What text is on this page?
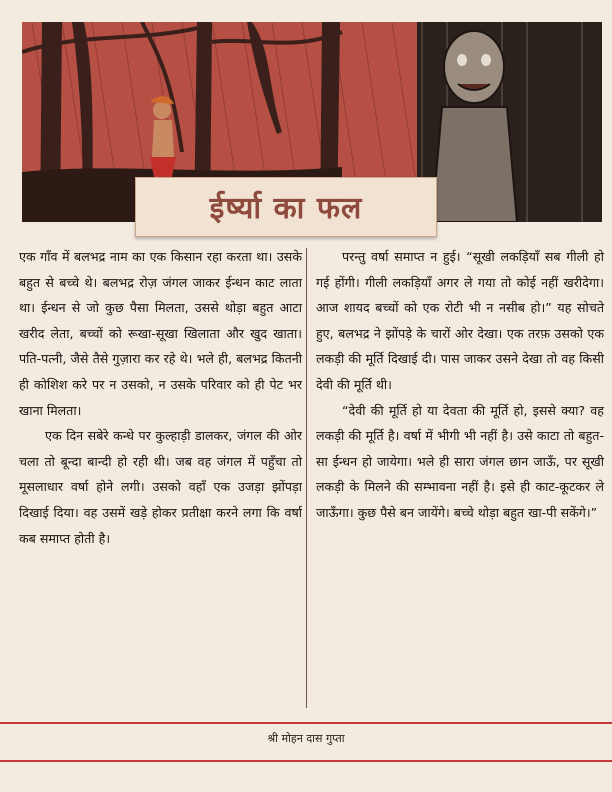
ईर्ष्या का फल

एक गाँव में बलभद्र नाम का एक किसान रहा करता था। उसके बहुत से बच्चे थे। बलभद्र रोज़ जंगल जाकर ईन्धन काट लाता था। ईन्धन से जो कुछ पैसा मिलता, उससे थोड़ा बहुत आटा खरीद लेता, बच्चों को रूखा-सूखा खिलाता और खुद खाता। पति-पत्नी, जैसे तैसे गुज़ारा कर रहे थे। भले ही, बलभद्र कितनी ही कोशिश करे पर न उसको, न उसके परिवार को ही पेट भर खाना मिलता।

एक दिन सबेरे कन्धे पर कुल्हाड़ी डालकर, जंगल की ओर चला तो बून्दा बान्दी हो रही थी। जब वह जंगल में पहुँचा तो मूसलाधार वर्षा होने लगी। उसको वहाँ एक उजड़ा झोंपड़ा दिखाई दिया। वह उसमें खड़े होकर प्रतीक्षा करने लगा कि वर्षा कब समाप्त होती है।

परन्तु वर्षा समाप्त न हुई। “सूखी लकड़ियाँ सब गीली हो गई होंगी। गीली लकड़ियाँ अगर ले गया तो कोई नहीं खरीदेगा। आज शायद बच्चों को एक रोटी भी न नसीब हो।” यह सोचते हुए, बलभद्र ने झोंपड़े के चारों ओर देखा। एक तरफ़ उसको एक लकड़ी की मूर्ति दिखाई दी। पास जाकर उसने देखा तो वह किसी देवी की मूर्ति थी।

“देवी की मूर्ति हो या देवता की मूर्ति हो, इससे क्या? वह लकड़ी की मूर्ति है। वर्षा में भीगी भी नहीं है। उसे काटा तो बहुत-सा ईन्धन हो जायेगा। भले ही सारा जंगल छान जाऊँ, पर सूखी लकड़ी के मिलने की सम्भावना नहीं है। इसे ही काट-कूटकर ले जाऊँगा। कुछ पैसे बन जायेंगे। बच्चे थोड़ा बहुत खा-पी सकेंगे।”

श्री मोहन दास गुप्ता
